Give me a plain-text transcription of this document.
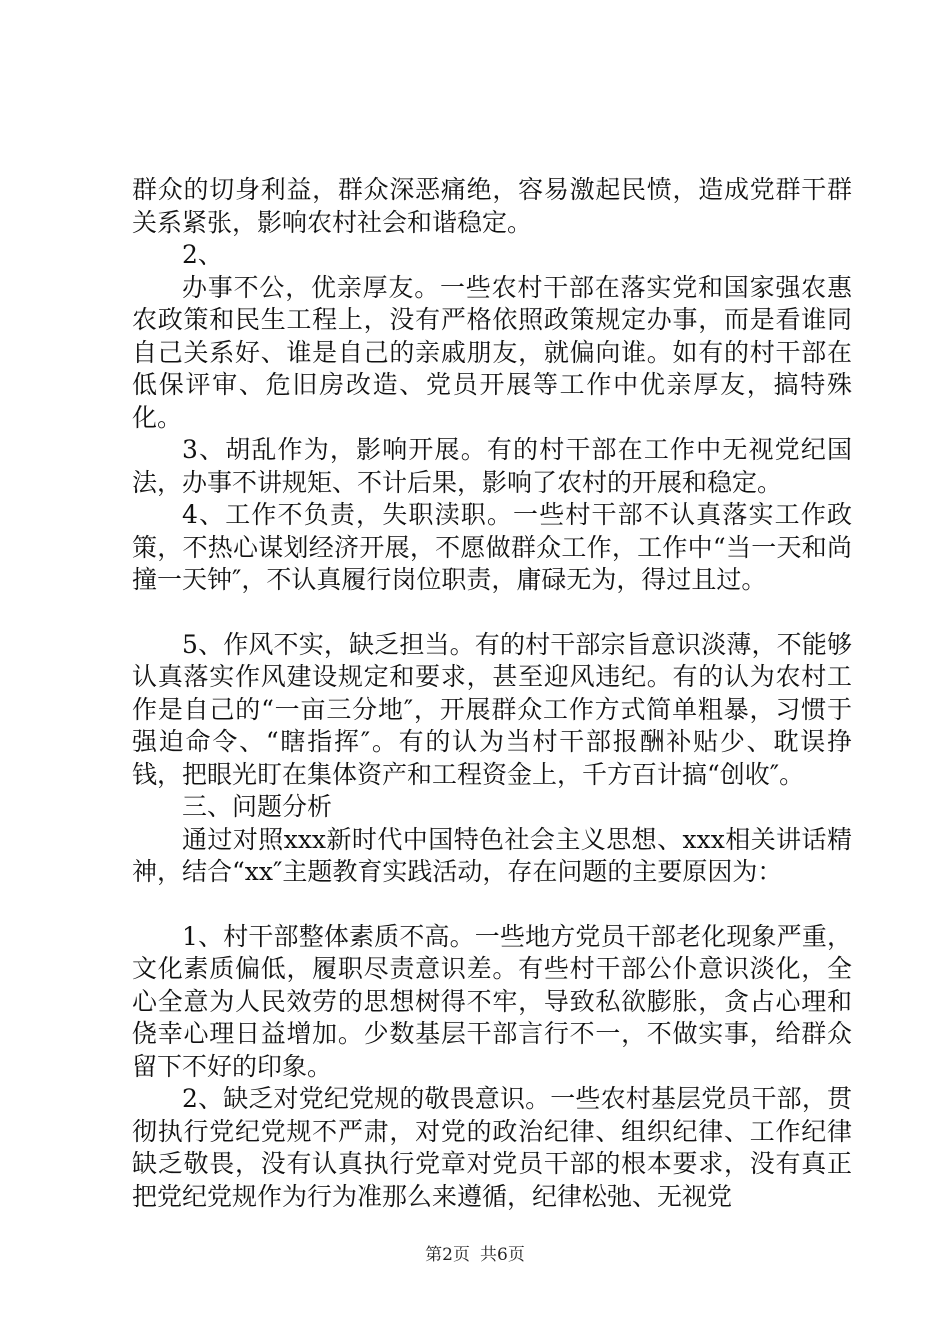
群众的切身利益，群众深恶痛绝，容易激起民愤，造成党群干群关系紧张，影响农村社会和谐稳定。

2、

办事不公，优亲厚友。一些农村干部在落实党和国家强农惠农政策和民生工程上，没有严格依照政策规定办事，而是看谁同自己关系好、谁是自己的亲戚朋友，就偏向谁。如有的村干部在低保评审、危旧房改造、党员开展等工作中优亲厚友，搞特殊化。

3、胡乱作为，影响开展。有的村干部在工作中无视党纪国法，办事不讲规矩、不计后果，影响了农村的开展和稳定。

4、工作不负责，失职渎职。一些村干部不认真落实工作政策，不热心谋划经济开展，不愿做群众工作，工作中“当一天和尚撞一天钟″，不认真履行岗位职责，庸碌无为，得过且过。

5、作风不实，缺乏担当。有的村干部宗旨意识淡薄，不能够认真落实作风建设规定和要求，甚至迎风违纪。有的认为农村工作是自己的“一亩三分地″，开展群众工作方式简单粗暴，习惯于强迫命令、“瞎指挥″。有的认为当村干部报酬补贴少、耽误挣钱，把眼光盯在集体资产和工程资金上，千方百计搞“创收″。

三、问题分析

通过对照xxx新时代中国特色社会主义思想、xxx相关讲话精神，结合“xx″主题教育实践活动，存在问题的主要原因为：

1、村干部整体素质不高。一些地方党员干部老化现象严重，文化素质偏低，履职尽责意识差。有些村干部公仆意识淡化，全心全意为人民效劳的思想树得不牢，导致私欲膨胀，贪占心理和侥幸心理日益增加。少数基层干部言行不一，不做实事，给群众留下不好的印象。

2、缺乏对党纪党规的敬畏意识。一些农村基层党员干部，贯彻执行党纪党规不严肃，对党的政治纪律、组织纪律、工作纪律缺乏敬畏，没有认真执行党章对党员干部的根本要求，没有真正把党纪党规作为行为准那么来遵循，纪律松弛、无视党

第2页 共6页
